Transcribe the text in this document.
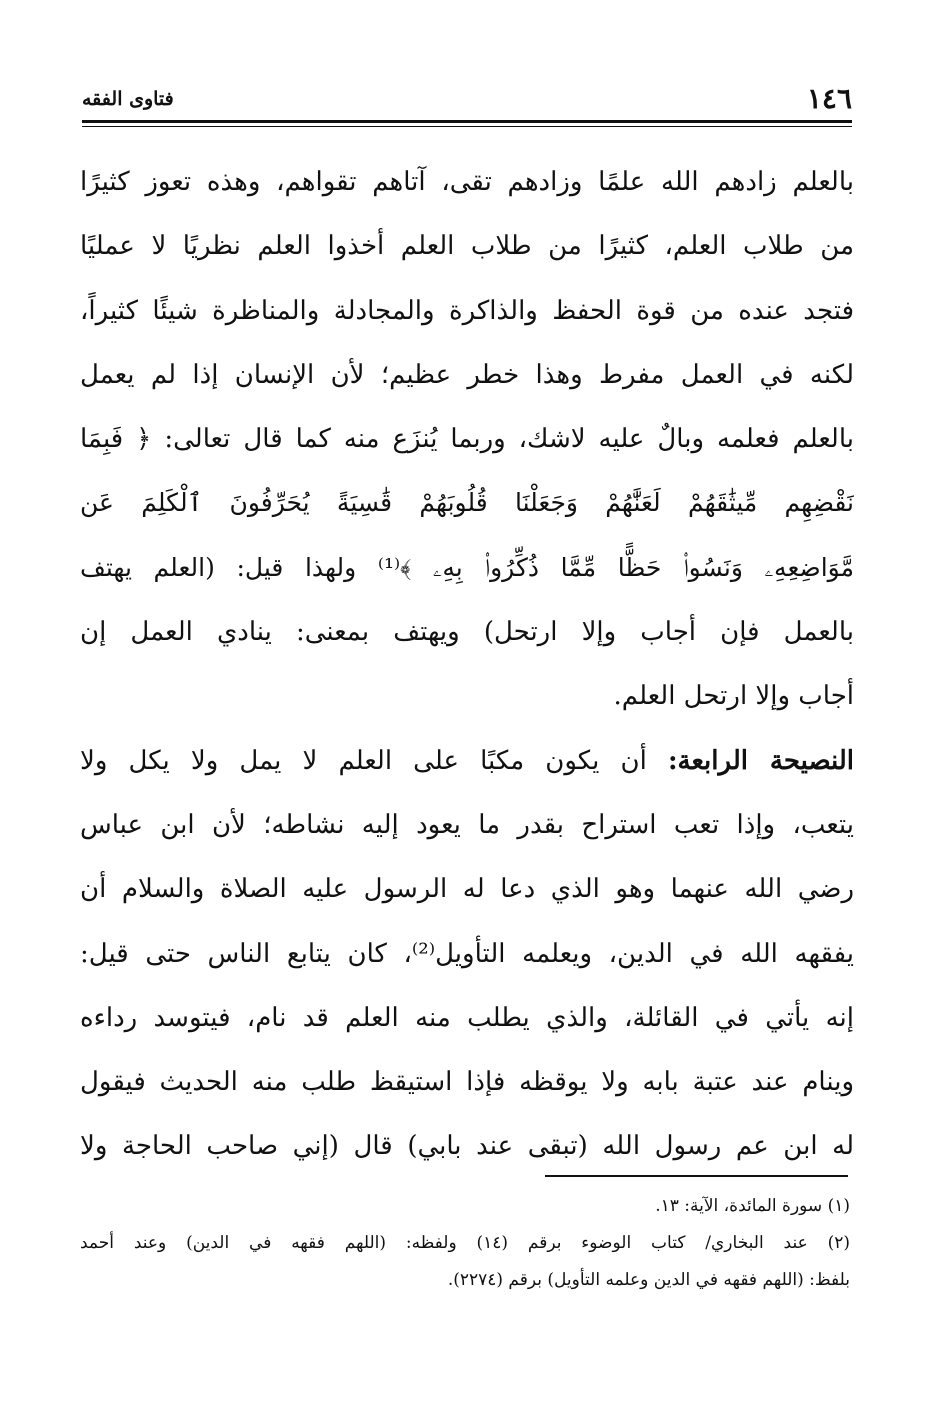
١٤٦
فتاوى الفقه
بالعلم زادهم الله علمًا وزادهم تقى، آتاهم تقواهم، وهذه تعوز كثيرًا
من طلاب العلم، كثيرًا من طلاب العلم أخذوا العلم نظريًا لا عمليًا
فتجد عنده من قوة الحفظ والذاكرة والمجادلة والمناظرة شيئًا كثيراً،
لكنه في العمل مفرط وهذا خطر عظيم؛ لأن الإنسان إذا لم يعمل
بالعلم فعلمه وبالٌ عليه لاشك، وربما يُنزَع منه كما قال تعالى: ﴿ فَبِمَا
نَقْضِهِم مِّيثَٰقَهُمْ لَعَنَّٰهُمْ وَجَعَلْنَا قُلُوبَهُمْ قَٰسِيَةً يُحَرِّفُونَ ٱلْكَلِمَ عَن
مَّوَاضِعِهِۦ وَنَسُوا۟ حَظًّا مِّمَّا ذُكِّرُوا۟ بِهِۦ ﴾⁽¹⁾ ولهذا قيل: (العلم يهتف
بالعمل فإن أجاب وإلا ارتحل) ويهتف بمعنى: ينادي العمل إن
أجاب وإلا ارتحل العلم.
النصيحة الرابعة: أن يكون مكبًا على العلم لا يمل ولا يكل ولا
يتعب، وإذا تعب استراح بقدر ما يعود إليه نشاطه؛ لأن ابن عباس
رضي الله عنهما وهو الذي دعا له الرسول عليه الصلاة والسلام أن
يفقهه الله في الدين، ويعلمه التأويل⁽²⁾، كان يتابع الناس حتى قيل:
إنه يأتي في القائلة، والذي يطلب منه العلم قد نام، فيتوسد رداءه
وينام عند عتبة بابه ولا يوقظه فإذا استيقظ طلب منه الحديث فيقول
له ابن عم رسول الله (تبقى عند بابي) قال (إني صاحب الحاجة ولا
(١) سورة المائدة، الآية: ١٣.
(٢) عند البخاري/ كتاب الوضوء برقم (١٤) ولفظه: (اللهم فقهه في الدين) وعند أحمد
بلفظ: (اللهم فقهه في الدين وعلمه التأويل) برقم (٢٢٧٤).
